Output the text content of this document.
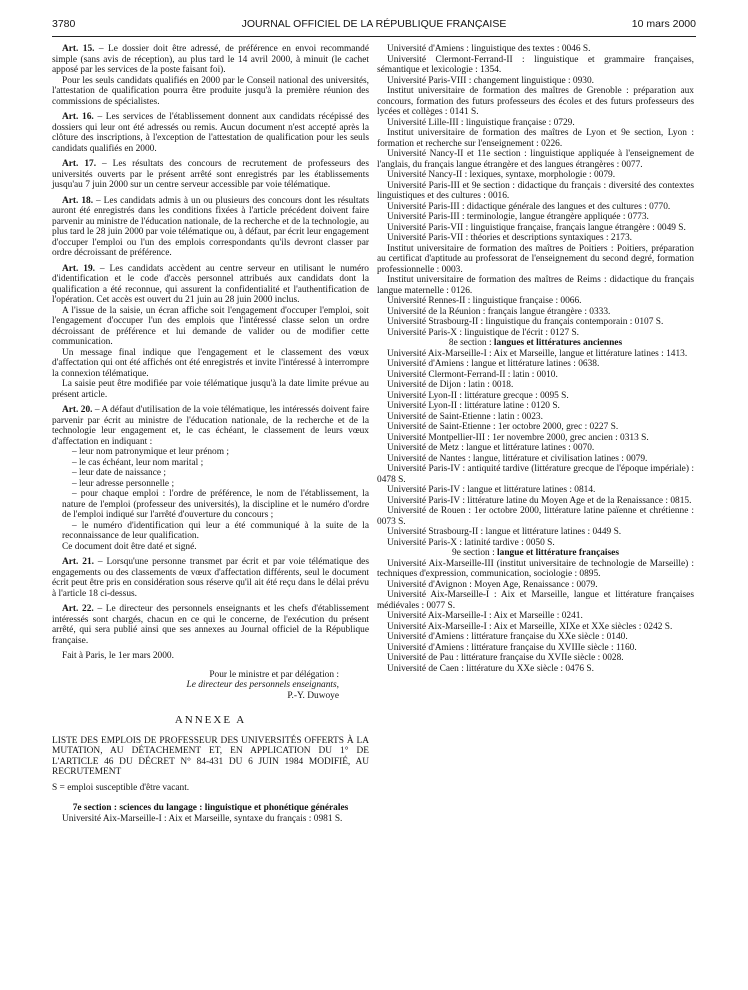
3780	JOURNAL OFFICIEL DE LA RÉPUBLIQUE FRANÇAISE	10 mars 2000

Art. 15. – Le dossier doit être adressé, de préférence en envoi recommandé simple (sans avis de réception), au plus tard le 14 avril 2000, à minuit (le cachet apposé par les services de la poste faisant foi).

Pour les seuls candidats qualifiés en 2000 par le Conseil national des universités, l'attestation de qualification pourra être produite jusqu'à la première réunion des commissions de spécialistes.

Art. 16. – Les services de l'établissement donnent aux candidats récépissé des dossiers qui leur ont été adressés ou remis. Aucun document n'est accepté après la clôture des inscriptions, à l'exception de l'attestation de qualification pour les seuls candidats qualifiés en 2000.

Art. 17. – Les résultats des concours de recrutement de professeurs des universités ouverts par le présent arrêté sont enregistrés par les établissements jusqu'au 7 juin 2000 sur un centre serveur accessible par voie télématique.

Art. 18. – Les candidats admis à un ou plusieurs des concours dont les résultats auront été enregistrés dans les conditions fixées à l'article précédent doivent faire parvenir au ministre de l'éducation nationale, de la recherche et de la technologie, au plus tard le 28 juin 2000 par voie télématique ou, à défaut, par écrit leur engagement d'occuper l'emploi ou l'un des emplois correspondants qu'ils devront classer par ordre décroissant de préférence.

Art. 19. – Les candidats accèdent au centre serveur en utilisant le numéro d'identification et le code d'accès personnel attribués aux candidats dont la qualification a été reconnue, qui assurent la confidentialité et l'authentification de l'opération. Cet accès est ouvert du 21 juin au 28 juin 2000 inclus.

A l'issue de la saisie, un écran affiche soit l'engagement d'occuper l'emploi, soit l'engagement d'occuper l'un des emplois que l'intéressé classe selon un ordre décroissant de préférence et lui demande de valider ou de modifier cette communication.

Un message final indique que l'engagement et le classement des vœux d'affectation qui ont été affichés ont été enregistrés et invite l'intéressé à interrompre la connexion télématique.

La saisie peut être modifiée par voie télématique jusqu'à la date limite prévue au présent article.

Art. 20. – A défaut d'utilisation de la voie télématique, les intéressés doivent faire parvenir par écrit au ministre de l'éducation nationale, de la recherche et de la technologie leur engagement et, le cas échéant, le classement de leurs vœux d'affectation en indiquant :

– leur nom patronymique et leur prénom ;

– le cas échéant, leur nom marital ;

– leur date de naissance ;

– leur adresse personnelle ;

– pour chaque emploi : l'ordre de préférence, le nom de l'établissement, la nature de l'emploi (professeur des universités), la discipline et le numéro d'ordre de l'emploi indiqué sur l'arrêté d'ouverture du concours ;

– le numéro d'identification qui leur a été communiqué à la suite de la reconnaissance de leur qualification.

Ce document doit être daté et signé.

Art. 21. – Lorsqu'une personne transmet par écrit et par voie télématique des engagements ou des classements de vœux d'affectation différents, seul le document écrit peut être pris en considération sous réserve qu'il ait été reçu dans le délai prévu à l'article 18 ci-dessus.

Art. 22. – Le directeur des personnels enseignants et les chefs d'établissement intéressés sont chargés, chacun en ce qui le concerne, de l'exécution du présent arrêté, qui sera publié ainsi que ses annexes au Journal officiel de la République française.

Fait à Paris, le 1er mars 2000.

Pour le ministre et par délégation :

Le directeur des personnels enseignants,

P.-Y. Duwoye

ANNEXE A

LISTE DES EMPLOIS DE PROFESSEUR DES UNIVERSITÉS OFFERTS À LA MUTATION, AU DÉTACHEMENT ET, EN APPLICATION DU 1° DE L'ARTICLE 46 DU DÉCRET N° 84-431 DU 6 JUIN 1984 MODIFIÉ, AU RECRUTEMENT

S = emploi susceptible d'être vacant.

7e section : sciences du langage : linguistique et phonétique générales

Université Aix-Marseille-I : Aix et Marseille, syntaxe du français : 0981 S.

Université d'Amiens : linguistique des textes : 0046 S.

Université Clermont-Ferrand-II : linguistique et grammaire françaises, sémantique et lexicologie : 1354.

Université Paris-VIII : changement linguistique : 0930.

Institut universitaire de formation des maîtres de Grenoble : préparation aux concours, formation des futurs professeurs des écoles et des futurs professeurs des lycées et collèges : 0141 S.

Université Lille-III : linguistique française : 0729.

Institut universitaire de formation des maîtres de Lyon et 9e section, Lyon : formation et recherche sur l'enseignement : 0226.

Université Nancy-II et 11e section : linguistique appliquée à l'enseignement de l'anglais, du français langue étrangère et des langues étrangères : 0077.

Université Nancy-II : lexiques, syntaxe, morphologie : 0079.

Université Paris-III et 9e section : didactique du français : diversité des contextes linguistiques et des cultures : 0016.

Université Paris-III : didactique générale des langues et des cultures : 0770.

Université Paris-III : terminologie, langue étrangère appliquée : 0773.

Université Paris-VII : linguistique française, français langue étrangère : 0049 S.

Université Paris-VII : théories et descriptions syntaxiques : 2173.

Institut universitaire de formation des maîtres de Poitiers : Poitiers, préparation au certificat d'aptitude au professorat de l'enseignement du second degré, formation professionnelle : 0003.

Institut universitaire de formation des maîtres de Reims : didactique du français langue maternelle : 0126.

Université Rennes-II : linguistique française : 0066.

Université de la Réunion : français langue étrangère : 0333.

Université Strasbourg-II : linguistique du français contemporain : 0107 S.

Université Paris-X : linguistique de l'écrit : 0127 S.

8e section : langues et littératures anciennes

Université Aix-Marseille-I : Aix et Marseille, langue et littérature latines : 1413.

Université d'Amiens : langue et littérature latines : 0638.

Université Clermont-Ferrand-II : latin : 0010.

Université de Dijon : latin : 0018.

Université Lyon-II : littérature grecque : 0095 S.

Université Lyon-II : littérature latine : 0120 S.

Université de Saint-Etienne : latin : 0023.

Université de Saint-Etienne : 1er octobre 2000, grec : 0227 S.

Université Montpellier-III : 1er novembre 2000, grec ancien : 0313 S.

Université de Metz : langue et littérature latines : 0070.

Université de Nantes : langue, littérature et civilisation latines : 0079.

Université Paris-IV : antiquité tardive (littérature grecque de l'époque impériale) : 0478 S.

Université Paris-IV : langue et littérature latines : 0814.

Université Paris-IV : littérature latine du Moyen Age et de la Renaissance : 0815.

Université de Rouen : 1er octobre 2000, littérature latine païenne et chrétienne : 0073 S.

Université Strasbourg-II : langue et littérature latines : 0449 S.

Université Paris-X : latinité tardive : 0050 S.

9e section : langue et littérature françaises

Université Aix-Marseille-III (institut universitaire de technologie de Marseille) : techniques d'expression, communication, sociologie : 0895.

Université d'Avignon : Moyen Age, Renaissance : 0079.

Université Aix-Marseille-I : Aix et Marseille, langue et littérature françaises médiévales : 0077 S.

Université Aix-Marseille-I : Aix et Marseille : 0241.

Université Aix-Marseille-I : Aix et Marseille, XIXe et XXe siècles : 0242 S.

Université d'Amiens : littérature française du XXe siècle : 0140.

Université d'Amiens : littérature française du XVIIIe siècle : 1160.

Université de Pau : littérature française du XVIIe siècle : 0028.

Université de Caen : littérature du XXe siècle : 0476 S.
